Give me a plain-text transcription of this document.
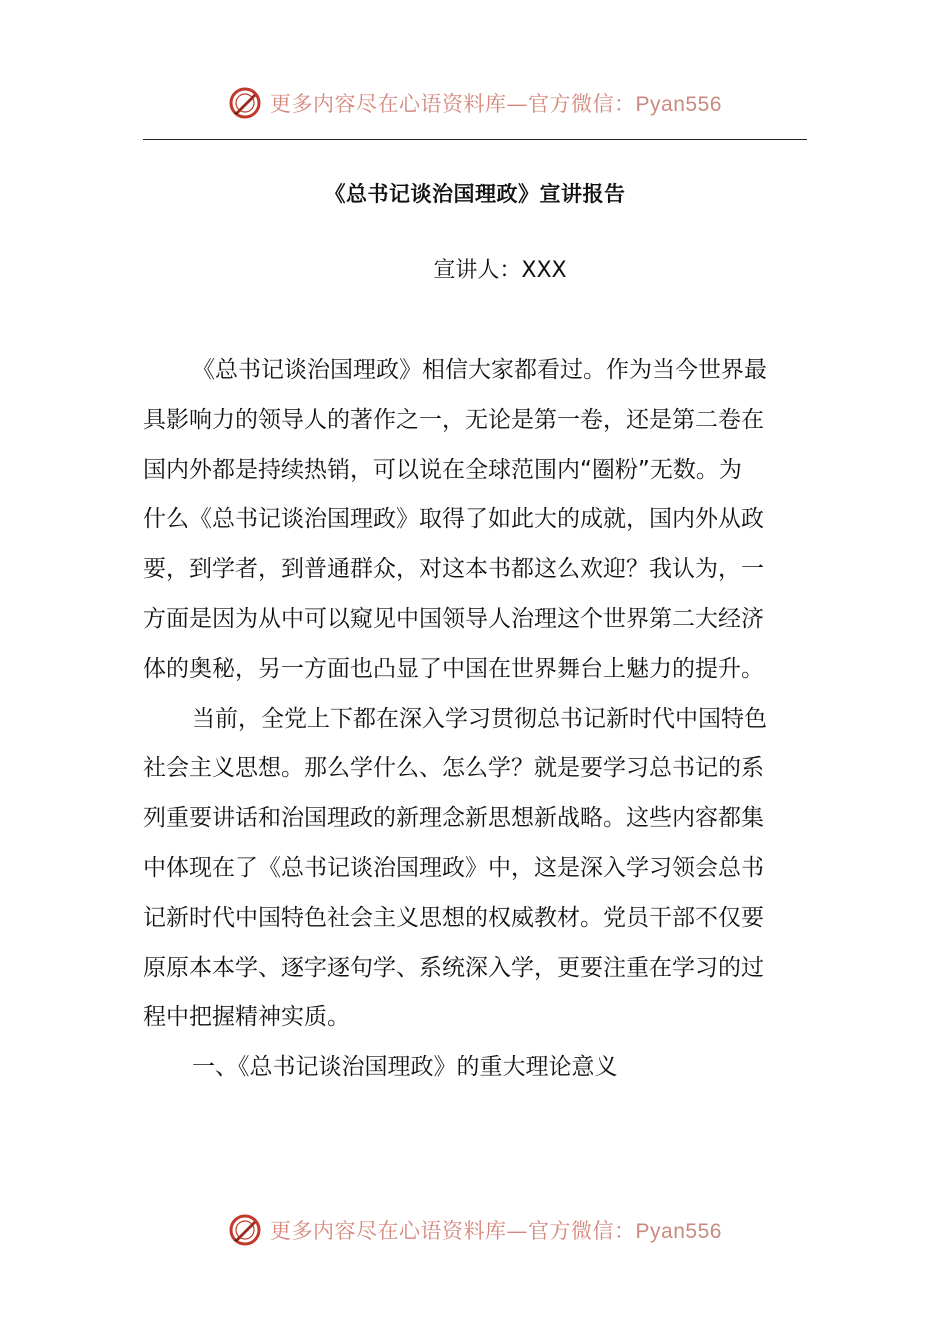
更多内容尽在心语资料库—官方微信：Pyan556
《总书记谈治国理政》宣讲报告
宣讲人：XXX
《总书记谈治国理政》相信大家都看过。作为当今世界最
具影响力的领导人的著作之一，无论是第一卷，还是第二卷在
国内外都是持续热销，可以说在全球范围内“圈粉”无数。为
什么《总书记谈治国理政》取得了如此大的成就，国内外从政
要，到学者，到普通群众，对这本书都这么欢迎？我认为，一
方面是因为从中可以窥见中国领导人治理这个世界第二大经济
体的奥秘，另一方面也凸显了中国在世界舞台上魅力的提升。
当前，全党上下都在深入学习贯彻总书记新时代中国特色
社会主义思想。那么学什么、怎么学？就是要学习总书记的系
列重要讲话和治国理政的新理念新思想新战略。这些内容都集
中体现在了《总书记谈治国理政》中，这是深入学习领会总书
记新时代中国特色社会主义思想的权威教材。党员干部不仅要
原原本本学、逐字逐句学、系统深入学，更要注重在学习的过
程中把握精神实质。
一、《总书记谈治国理政》的重大理论意义
更多内容尽在心语资料库—官方微信：Pyan556
